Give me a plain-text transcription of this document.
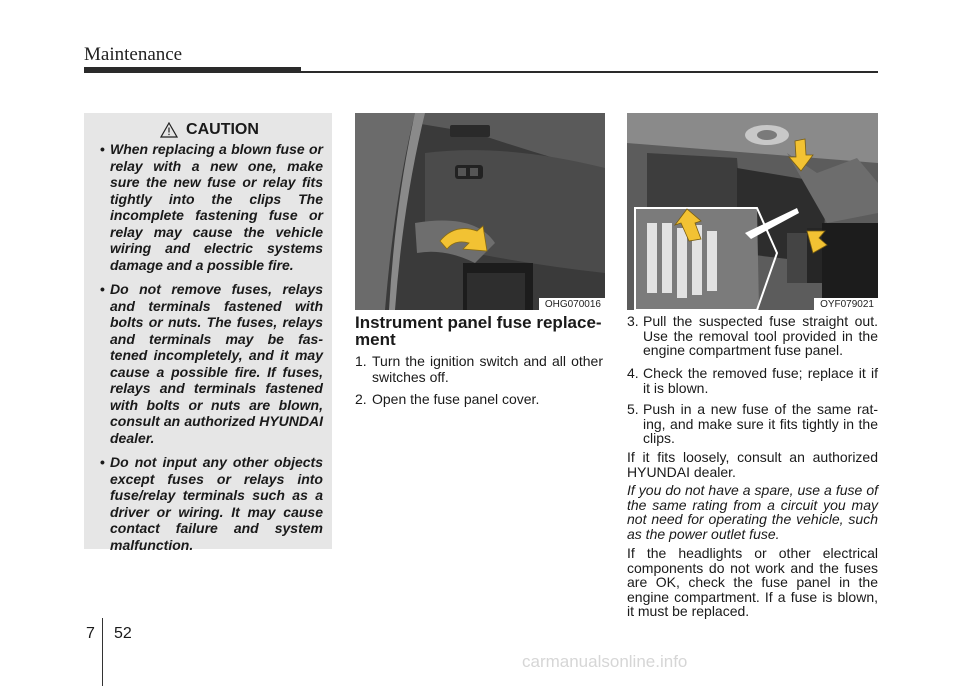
Maintenance
CAUTION
• When replacing a blown fuse or relay with a new one, make sure the new fuse or relay fits tightly into the clips The incomplete fastening fuse or relay may cause the vehicle wiring and electric systems damage and a possible fire.
• Do not remove fuses, relays and terminals fastened with bolts or nuts. The fuses, relays and terminals may be fas- tened incompletely, and it may cause a possible fire. If fuses, relays and terminals fastened with bolts or nuts are blown, consult an authorized HYUNDAI dealer.
• Do not input any other objects except fuses or relays into fuse/relay terminals such as a driver or wiring. It may cause contact failure and system malfunction.
OHG070016	OYF079021
Instrument panel fuse replace- ment
1. Turn the ignition switch and all other switches off.
2. Open the fuse panel cover.
3. Pull the suspected fuse straight out. Use the removal tool provided in the engine compartment fuse panel.
4. Check the removed fuse; replace it if it is blown.
5. Push in a new fuse of the same rat- ing, and make sure it fits tightly in the clips.
If it fits loosely, consult an authorized HYUNDAI dealer.
If you do not have a spare, use a fuse of the same rating from a circuit you may not need for operating the vehicle, such as the power outlet fuse.
If the headlights or other electrical components do not work and the fuses are OK, check the fuse panel in the engine compartment. If a fuse is blown, it must be replaced.
7 52
carmanualsonline.info
